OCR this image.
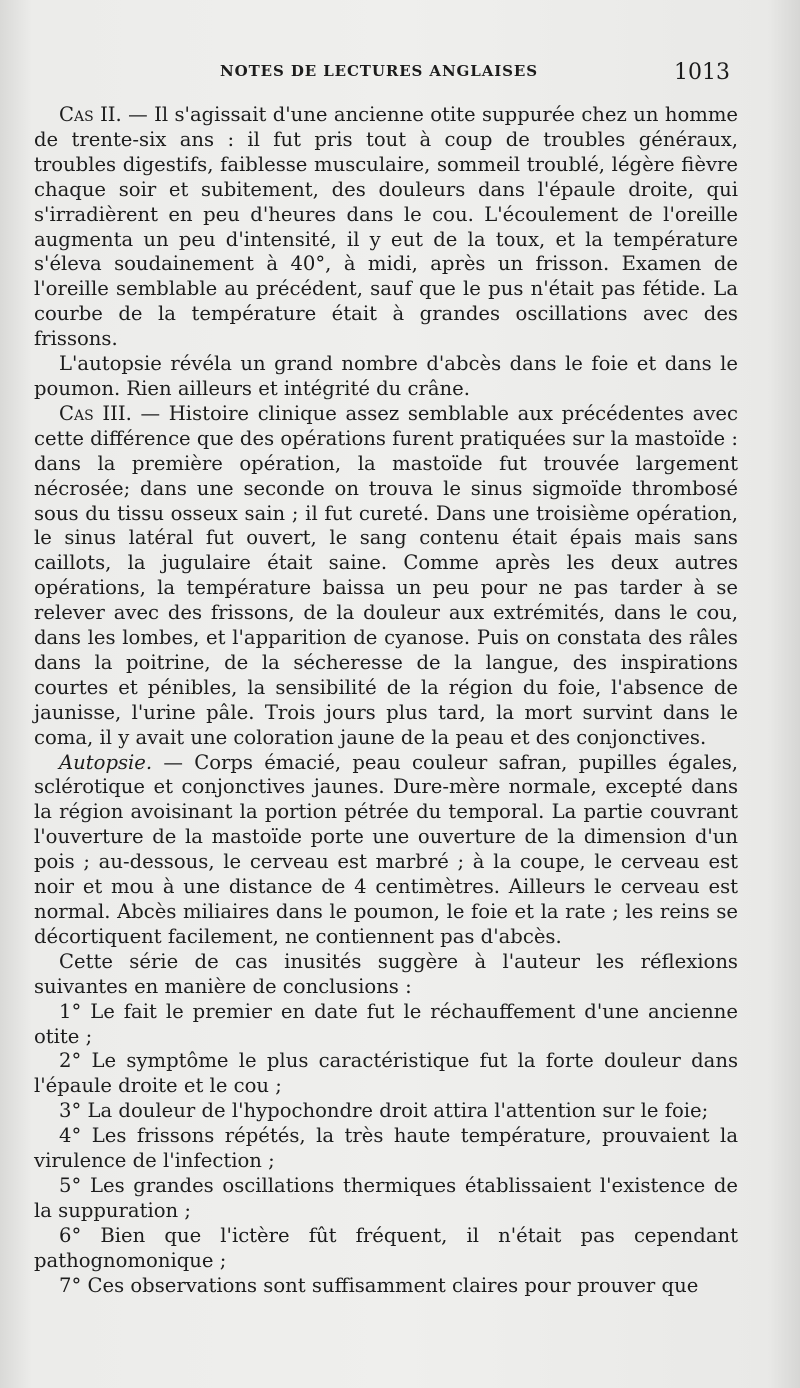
NOTES DE LECTURES ANGLAISES	1013

Cas II. — Il s'agissait d'une ancienne otite suppurée chez un homme de trente-six ans : il fut pris tout à coup de troubles généraux, troubles digestifs, faiblesse musculaire, sommeil troublé, légère fièvre chaque soir et subitement, des douleurs dans l'épaule droite, qui s'irradièrent en peu d'heures dans le cou. L'écoulement de l'oreille augmenta un peu d'intensité, il y eut de la toux, et la température s'éleva soudainement à 40°, à midi, après un frisson. Examen de l'oreille semblable au précédent, sauf que le pus n'était pas fétide. La courbe de la température était à grandes oscillations avec des frissons.

L'autopsie révéla un grand nombre d'abcès dans le foie et dans le poumon. Rien ailleurs et intégrité du crâne.

Cas III. — Histoire clinique assez semblable aux précédentes avec cette différence que des opérations furent pratiquées sur la mastoïde : dans la première opération, la mastoïde fut trouvée largement nécrosée; dans une seconde on trouva le sinus sigmoïde thrombosé sous du tissu osseux sain ; il fut cureté. Dans une troisième opération, le sinus latéral fut ouvert, le sang contenu était épais mais sans caillots, la jugulaire était saine. Comme après les deux autres opérations, la température baissa un peu pour ne pas tarder à se relever avec des frissons, de la douleur aux extrémités, dans le cou, dans les lombes, et l'apparition de cyanose. Puis on constata des râles dans la poitrine, de la sécheresse de la langue, des inspirations courtes et pénibles, la sensibilité de la région du foie, l'absence de jaunisse, l'urine pâle. Trois jours plus tard, la mort survint dans le coma, il y avait une coloration jaune de la peau et des conjonctives.

Autopsie. — Corps émacié, peau couleur safran, pupilles égales, sclérotique et conjonctives jaunes. Dure-mère normale, excepté dans la région avoisinant la portion pétrée du temporal. La partie couvrant l'ouverture de la mastoïde porte une ouverture de la dimension d'un pois ; au-dessous, le cerveau est marbré ; à la coupe, le cerveau est noir et mou à une distance de 4 centimètres. Ailleurs le cerveau est normal. Abcès miliaires dans le poumon, le foie et la rate ; les reins se décortiquent facilement, ne contiennent pas d'abcès.

Cette série de cas inusités suggère à l'auteur les réflexions suivantes en manière de conclusions :

1° Le fait le premier en date fut le réchauffement d'une ancienne otite ;

2° Le symptôme le plus caractéristique fut la forte douleur dans l'épaule droite et le cou ;

3° La douleur de l'hypochondre droit attira l'attention sur le foie;

4° Les frissons répétés, la très haute température, prouvaient la virulence de l'infection ;

5° Les grandes oscillations thermiques établissaient l'existence de la suppuration ;

6° Bien que l'ictère fût fréquent, il n'était pas cependant pathognomonique ;

7° Ces observations sont suffisamment claires pour prouver que
